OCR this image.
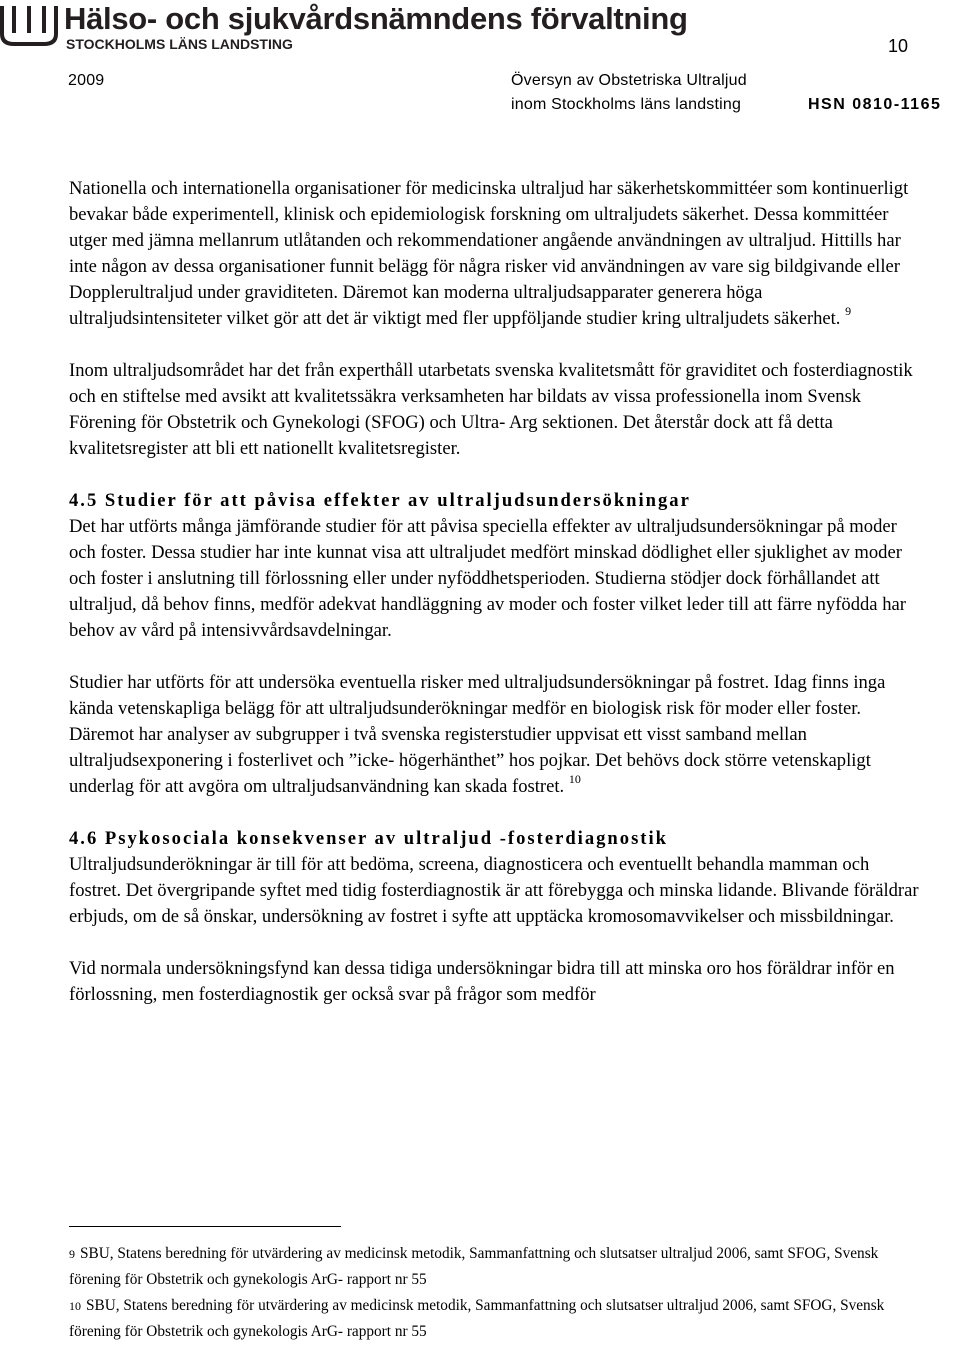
Hälso- och sjukvårdsnämndens förvaltning
STOCKHOLMS LÄNS LANDSTING	10
2009	Översyn av Obstetriska Ultraljud
inom Stockholms läns landsting	HSN 0810-1165

Nationella och internationella organisationer för medicinska ultraljud har säkerhetskommittéer som kontinuerligt bevakar både experimentell, klinisk och epidemiologisk forskning om ultraljudets säkerhet. Dessa kommittéer utger med jämna mellanrum utlåtanden och rekommendationer angående användningen av ultraljud. Hittills har inte någon av dessa organisationer funnit belägg för några risker vid användningen av vare sig bildgivande eller Dopplerultraljud under graviditeten. Däremot kan moderna ultraljudsapparater generera höga ultraljudsintensiteter vilket gör att det är viktigt med fler uppföljande studier kring ultraljudets säkerhet. $^9$

Inom ultraljudsområdet har det från experthåll utarbetats svenska kvalitetsmått för graviditet och fosterdiagnostik och en stiftelse med avsikt att kvalitetssäkra verksamheten har bildats av vissa professionella inom Svensk Förening för Obstetrik och Gynekologi (SFOG) och Ultra- Arg sektionen. Det återstår dock att få detta kvalitetsregister att bli ett nationellt kvalitetsregister.

4.5 Studier för att påvisa effekter av ultraljudsundersökningar

Det har utförts många jämförande studier för att påvisa speciella effekter av ultraljudsundersökningar på moder och foster. Dessa studier har inte kunnat visa att ultraljudet medfört minskad dödlighet eller sjuklighet av moder och foster i anslutning till förlossning eller under nyföddhetsperioden. Studierna stödjer dock förhållandet att ultraljud, då behov finns, medför adekvat handläggning av moder och foster vilket leder till att färre nyfödda har behov av vård på intensivvårdsavdelningar.

Studier har utförts för att undersöka eventuella risker med ultraljudsundersökningar på fostret. Idag finns inga kända vetenskapliga belägg för att ultraljudsunderökningar medför en biologisk risk för moder eller foster. Däremot har analyser av subgrupper i två svenska registerstudier uppvisat ett visst samband mellan ultraljudsexponering i fosterlivet och ”icke- högerhänthet” hos pojkar. Det behövs dock större vetenskapligt underlag för att avgöra om ultraljudsanvändning kan skada fostret. $^{10}$

4.6 Psykosociala konsekvenser av ultraljud -fosterdiagnostik

Ultraljudsunderökningar är till för att bedöma, screena, diagnosticera och eventuellt behandla mamman och fostret. Det övergripande syftet med tidig fosterdiagnostik är att förebygga och minska lidande. Blivande föräldrar erbjuds, om de så önskar, undersökning av fostret i syfte att upptäcka kromosomavvikelser och missbildningar.

Vid normala undersökningsfynd kan dessa tidiga undersökningar bidra till att minska oro hos föräldrar inför en förlossning, men fosterdiagnostik ger också svar på frågor som medför

9 SBU, Statens beredning för utvärdering av medicinsk metodik, Sammanfattning och slutsatser ultraljud 2006, samt SFOG, Svensk förening för Obstetrik och gynekologis ArG- rapport nr 55

10 SBU, Statens beredning för utvärdering av medicinsk metodik, Sammanfattning och slutsatser ultraljud 2006, samt SFOG, Svensk förening för Obstetrik och gynekologis ArG- rapport nr 55
